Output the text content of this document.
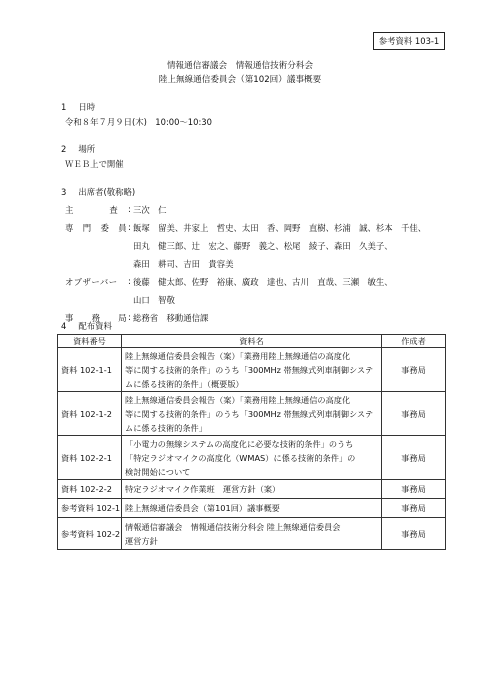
参考資料 103-1
情報通信審議会　情報通信技術分科会
陸上無線通信委員会（第102回）議事概要
1 日時
令和８年７月９日(木)　10:00～10:30
2 場所
ＷＥＢ上で開催
3 出席者(敬称略)
主　　　　査	: 三次　仁
専　門　委　員 : 飯塚　留美、井家上　哲史、太田　香、岡野　直樹、杉浦　誠、杉本　千佳、
田丸　健三郎、辻　宏之、藤野　義之、松尾　綾子、森田　久美子、
森田　耕司、吉田　貴容美
オブザーバー	: 後藤　健太郎、佐野　裕康、廣政　達也、古川　直哉、三瀬　敏生、
山口　智敬
事　　務　　局 : 総務省　移動通信課
4 配布資料
資料番号	資料名	作成者
資料 102-1-1	陸上無線通信委員会報告（案）「業務用陸上無線通信の高度化
等に関する技術的条件」のうち「300MHz 帯無線式列車制御システ
ムに係る技術的条件」（概要版）	事務局
資料 102-1-2	陸上無線通信委員会報告（案）「業務用陸上無線通信の高度化
等に関する技術的条件」のうち「300MHz 帯無線式列車制御システ
ムに係る技術的条件」	事務局
資料 102-2-1	「小電力の無線システムの高度化に必要な技術的条件」のうち
「特定ラジオマイクの高度化（WMAS）に係る技術的条件」の
検討開始について	事務局
資料 102-2-2	特定ラジオマイク作業班　運営方針（案）	事務局
参考資料 102-1	陸上無線通信委員会（第101回）議事概要	事務局
参考資料 102-2	情報通信審議会　情報通信技術分科会 陸上無線通信委員会
運営方針	事務局
